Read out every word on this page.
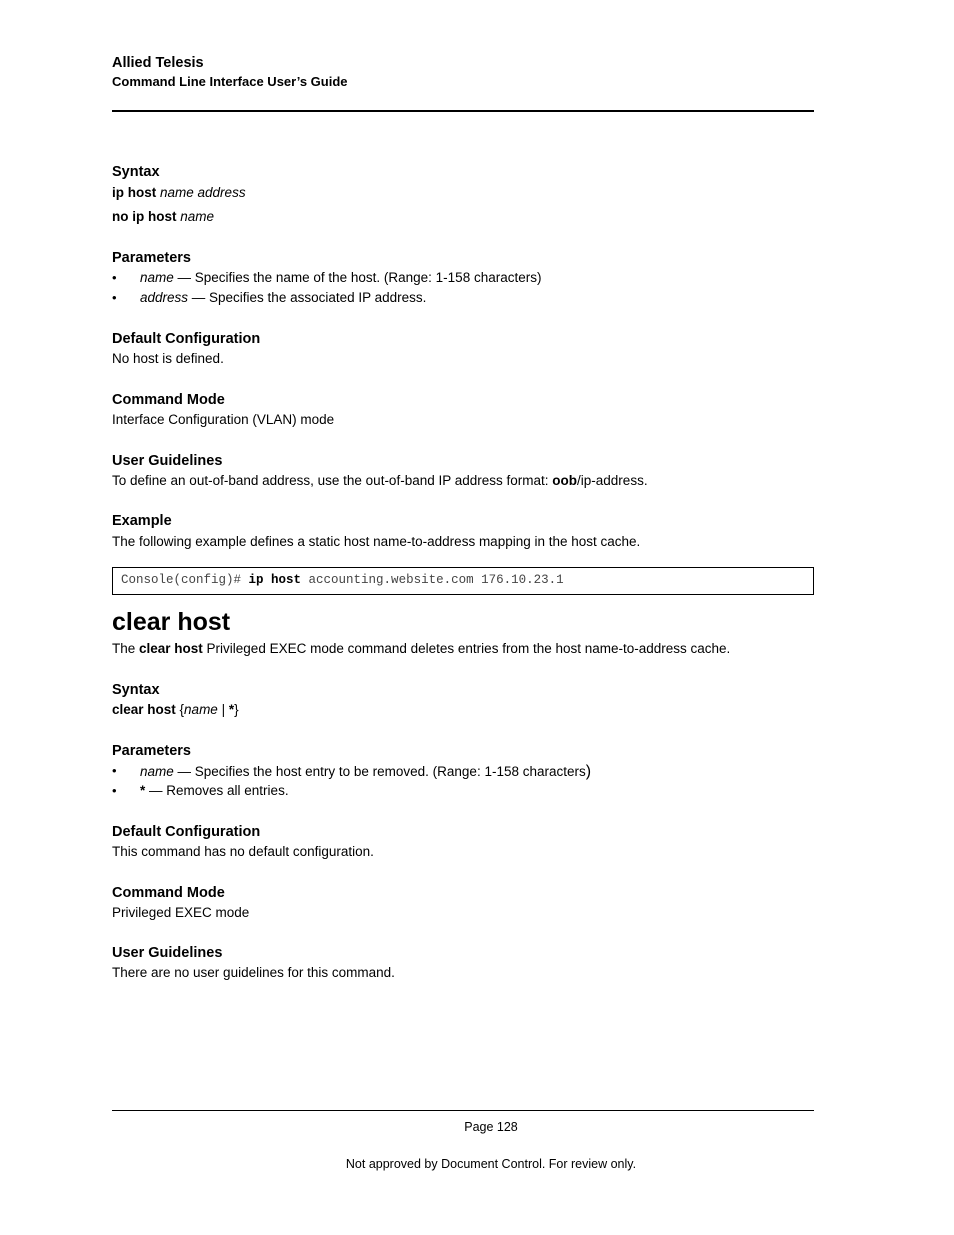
Allied Telesis
Command Line Interface User’s Guide
Syntax
ip host name address
no ip host name
Parameters
• name — Specifies the name of the host. (Range: 1-158 characters)
• address — Specifies the associated IP address.
Default Configuration
No host is defined.
Command Mode
Interface Configuration (VLAN) mode
User Guidelines
To define an out-of-band address, use the out-of-band IP address format: oob/ip-address.
Example
The following example defines a static host name-to-address mapping in the host cache.
Console(config)# ip host accounting.website.com 176.10.23.1
clear host
The clear host Privileged EXEC mode command deletes entries from the host name-to-address cache.
Syntax
clear host {name | *}
Parameters
• name — Specifies the host entry to be removed. (Range: 1-158 characters)
• * — Removes all entries.
Default Configuration
This command has no default configuration.
Command Mode
Privileged EXEC mode
User Guidelines
There are no user guidelines for this command.
Page 128
Not approved by Document Control. For review only.
